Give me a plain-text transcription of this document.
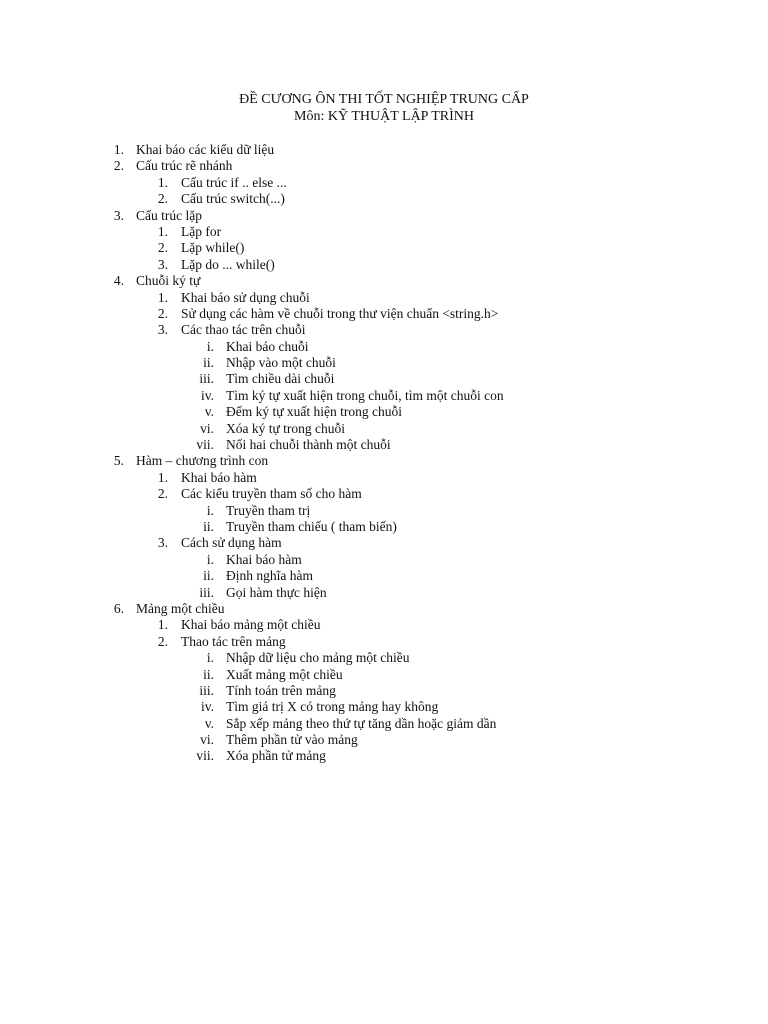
ĐỀ CƯƠNG ÔN THI TỐT NGHIỆP TRUNG CẤP
Môn: KỸ THUẬT LẬP TRÌNH
1. Khai báo các kiểu dữ liệu
2. Cấu trúc rẽ nhánh
1. Cấu trúc if .. else ...
2. Cấu trúc switch(...)
3. Cấu trúc lặp
1. Lặp for
2. Lặp while()
3. Lặp do ... while()
4. Chuỗi ký tự
1. Khai báo sử dụng chuỗi
2. Sử dụng các hàm về chuỗi trong thư viện chuẩn <string.h>
3. Các thao tác trên chuỗi
i. Khai báo chuỗi
ii. Nhập vào một chuỗi
iii. Tìm chiều dài chuỗi
iv. Tìm ký tự xuất hiện trong chuỗi, tìm một chuỗi con
v. Đếm ký tự xuất hiện trong chuỗi
vi. Xóa ký tự trong chuỗi
vii. Nối hai chuỗi thành một chuỗi
5. Hàm – chương trình con
1. Khai báo hàm
2. Các kiểu truyền tham số cho hàm
i. Truyền tham trị
ii. Truyền tham chiếu ( tham biến)
3. Cách sử dụng hàm
i. Khai báo hàm
ii. Định nghĩa hàm
iii. Gọi hàm thực hiện
6. Mảng một chiều
1. Khai báo mảng một chiều
2. Thao tác trên mảng
i. Nhập dữ liệu cho mảng một chiều
ii. Xuất mảng một chiều
iii. Tính toán trên mảng
iv. Tìm giá trị X có trong mảng hay không
v. Sắp xếp mảng theo thứ tự tăng dần hoặc giảm dần
vi. Thêm phần tử vào mảng
vii. Xóa phần tử mảng
